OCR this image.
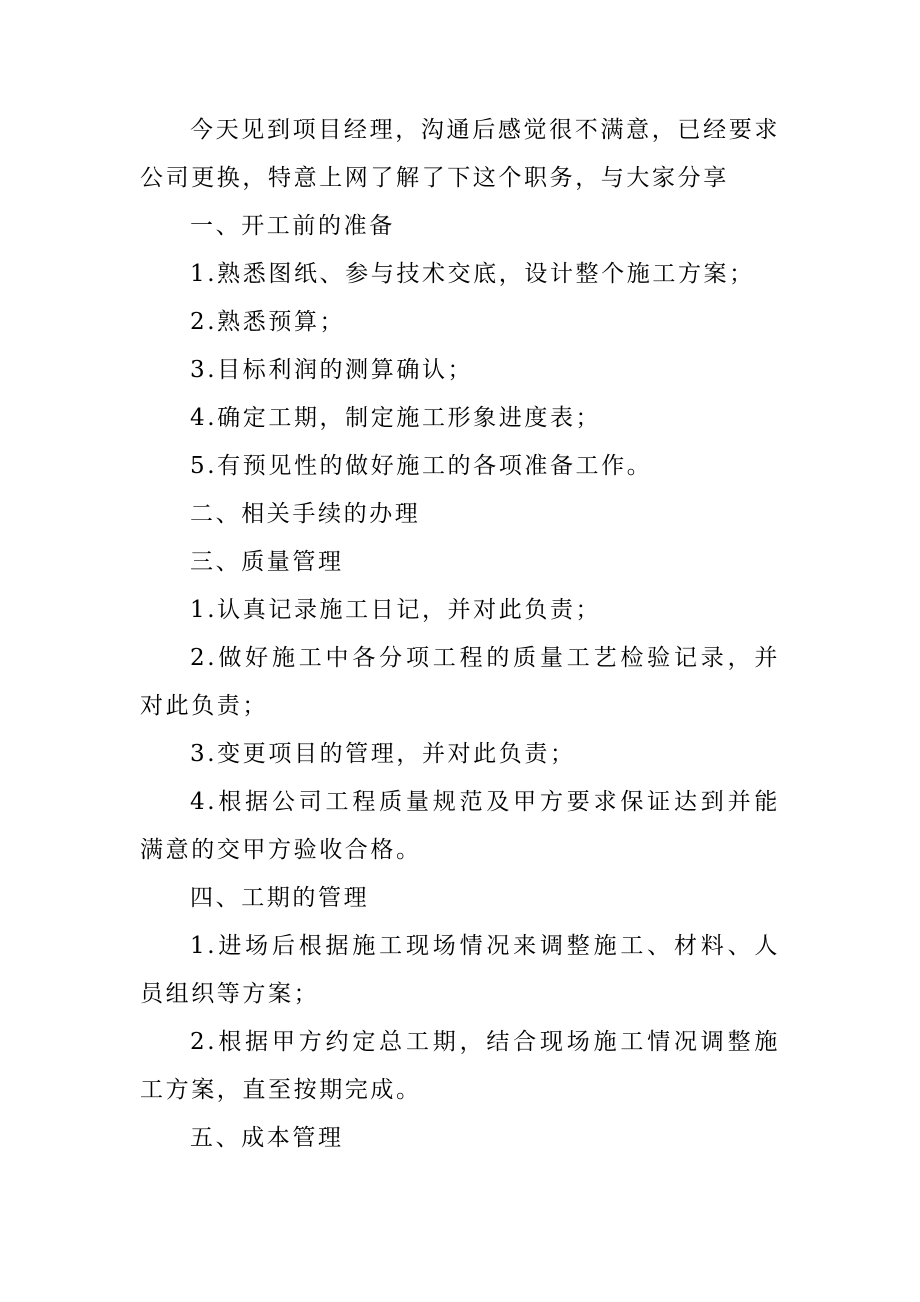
今天见到项目经理，沟通后感觉很不满意，已经要求公司更换，特意上网了解了下这个职务，与大家分享

一、开工前的准备

1.熟悉图纸、参与技术交底，设计整个施工方案；

2.熟悉预算；

3.目标利润的测算确认；

4.确定工期，制定施工形象进度表；

5.有预见性的做好施工的各项准备工作。

二、相关手续的办理

三、质量管理

1.认真记录施工日记，并对此负责；

2.做好施工中各分项工程的质量工艺检验记录，并对此负责；

3.变更项目的管理，并对此负责；

4.根据公司工程质量规范及甲方要求保证达到并能满意的交甲方验收合格。

四、工期的管理

1.进场后根据施工现场情况来调整施工、材料、人员组织等方案；

2.根据甲方约定总工期，结合现场施工情况调整施工方案，直至按期完成。

五、成本管理
